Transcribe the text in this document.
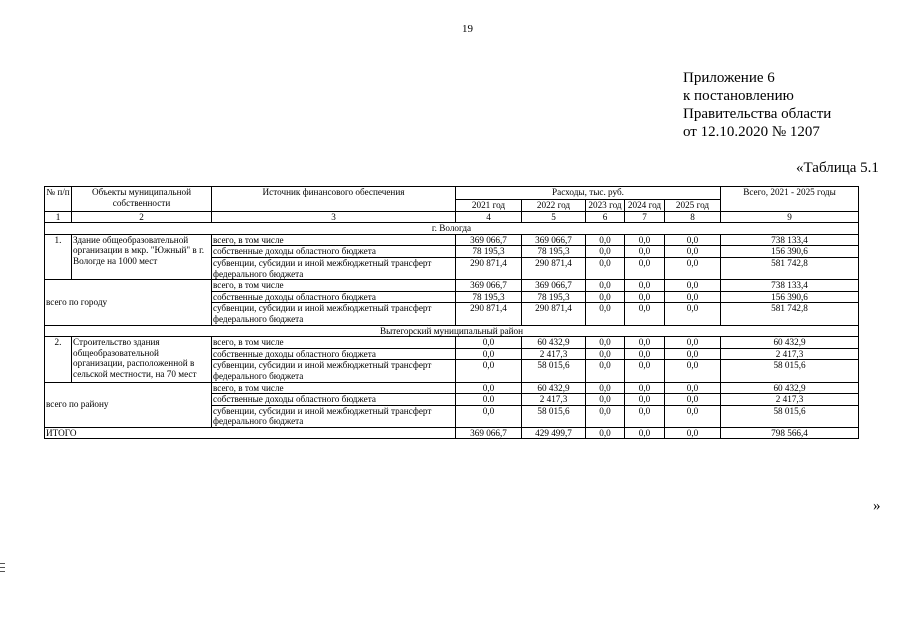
19
Приложение 6
к постановлению
Правительства области
от 12.10.2020 № 1207
«Таблица 5.1
№ п/п	Объекты муниципальной собственности	Источник финансового обеспечения	Расходы, тыс. руб.					Всего, 2021 - 2025 годы
			2021 год	2022 год	2023 год	2024 год	2025 год	
1	2	3	4	5	6	7	8	9
г. Вологда								
1.	Здание общеобразовательной организации в мкр. "Южный" в г. Вологде на 1000 мест	всего, в том числе	369 066,7	369 066,7	0,0	0,0	0,0	738 133,4
		собственные доходы областного бюджета	78 195,3	78 195,3	0,0	0,0	0,0	156 390,6
		субвенции, субсидии и иной межбюджетный трансферт федерального бюджета	290 871,4	290 871,4	0,0	0,0	0,0	581 742,8
всего по городу		всего, в том числе	369 066,7	369 066,7	0,0	0,0	0,0	738 133,4
		собственные доходы областного бюджета	78 195,3	78 195,3	0,0	0,0	0,0	156 390,6
		субвенции, субсидии и иной межбюджетный трансферт федерального бюджета	290 871,4	290 871,4	0,0	0,0	0,0	581 742,8
Вытегорский муниципальный район								
2.	Строительство здания общеобразовательной организации, расположенной в сельской местности, на 70 мест	всего, в том числе	0,0	60 432,9	0,0	0,0	0,0	60 432,9
		собственные доходы областного бюджета	0,0	2 417,3	0,0	0,0	0,0	2 417,3
		субвенции, субсидии и иной межбюджетный трансферт федерального бюджета	0,0	58 015,6	0,0	0,0	0,0	58 015,6
всего по району		всего, в том числе	0,0	60 432,9	0,0	0,0	0,0	60 432,9
		собственные доходы областного бюджета	0.0	2 417,3	0,0	0,0	0,0	2 417,3
		субвенции, субсидии и иной межбюджетный трансферт федерального бюджета	0,0	58 015,6	0,0	0,0	0,0	58 015,6
ИТОГО			369 066,7	429 499,7	0,0	0,0	0,0	798 566,4
»
